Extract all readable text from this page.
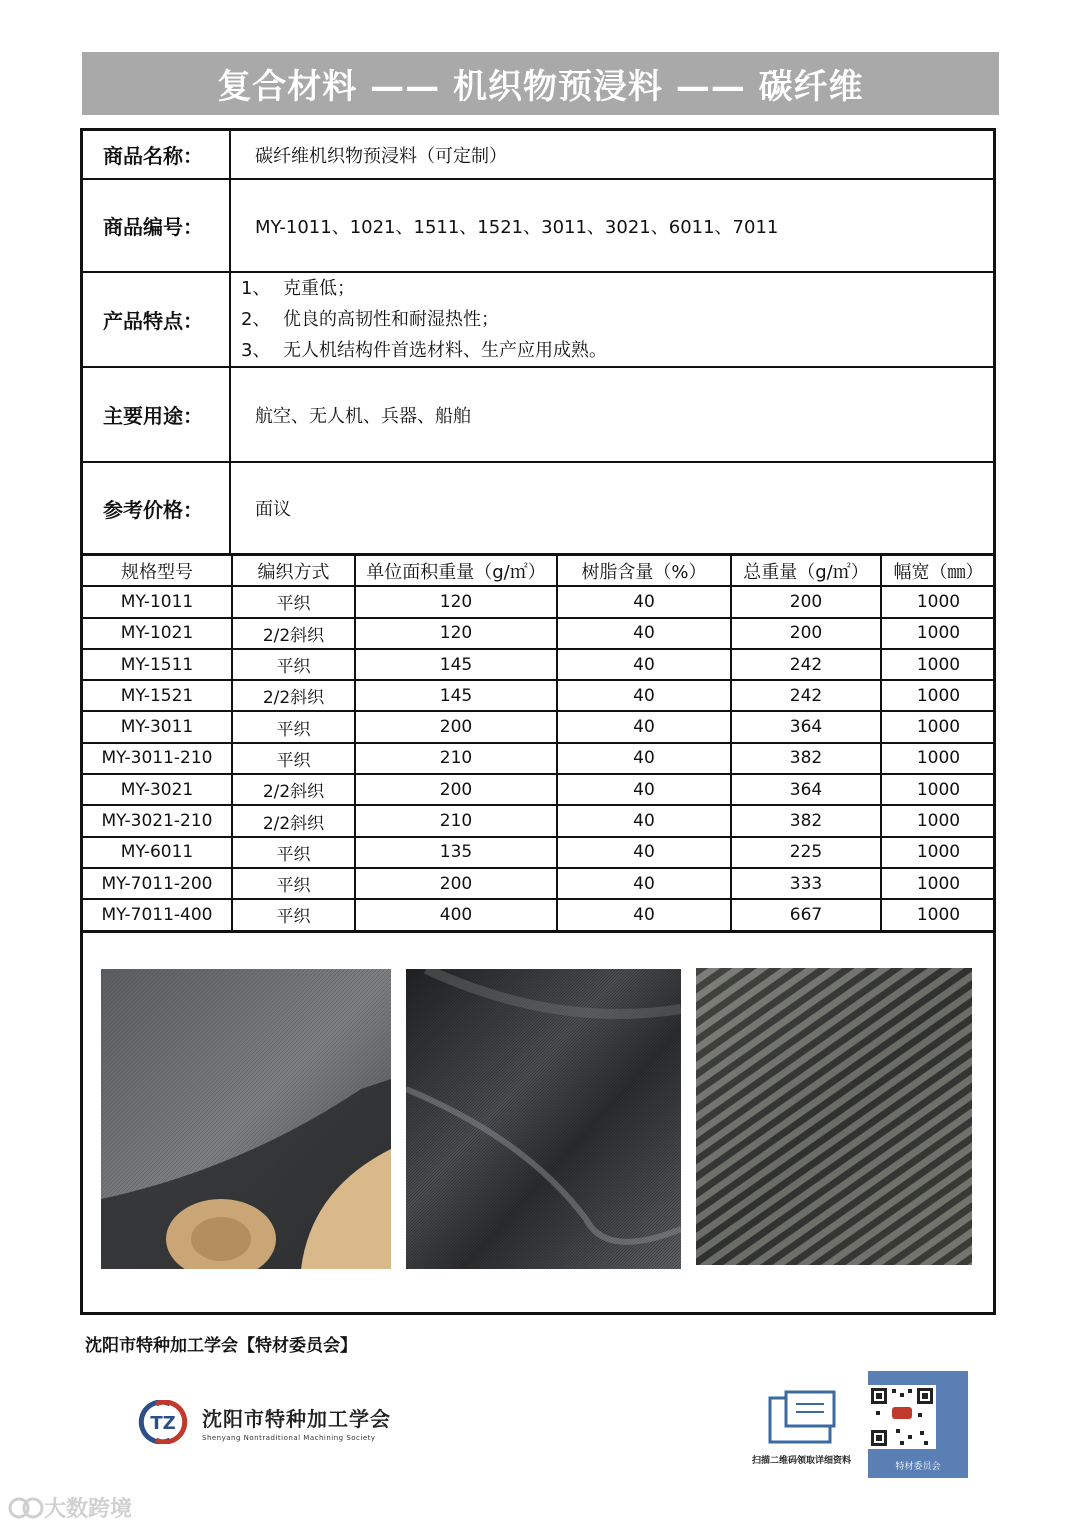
复合材料 —— 机织物预浸料 —— 碳纤维
商品名称：	碳纤维机织物预浸料（可定制）
商品编号：	MY-1011、1021、1511、1521、3011、3021、6011、7011
产品特点：
1、 克重低；
2、 优良的高韧性和耐湿热性；
3、 无人机结构件首选材料、生产应用成熟。
主要用途：	航空、无人机、兵器、船舶
参考价格：	面议
规格型号	编织方式	单位面积重量（g/㎡）	树脂含量（%）	总重量（g/㎡）	幅宽（㎜）
MY-1011	平织	120	40	200	1000
MY-1021	2/2斜织	120	40	200	1000
MY-1511	平织	145	40	242	1000
MY-1521	2/2斜织	145	40	242	1000
MY-3011	平织	200	40	364	1000
MY-3011-210	平织	210	40	382	1000
MY-3021	2/2斜织	200	40	364	1000
MY-3021-210	2/2斜织	210	40	382	1000
MY-6011	平织	135	40	225	1000
MY-7011-200	平织	200	40	333	1000
MY-7011-400	平织	400	40	667	1000
沈阳市特种加工学会【特材委员会】
TZ 沈阳市特种加工学会
Shenyang Nontraditional Machining Society
扫描二维码领取详细资料
特材委员会
大数跨境
